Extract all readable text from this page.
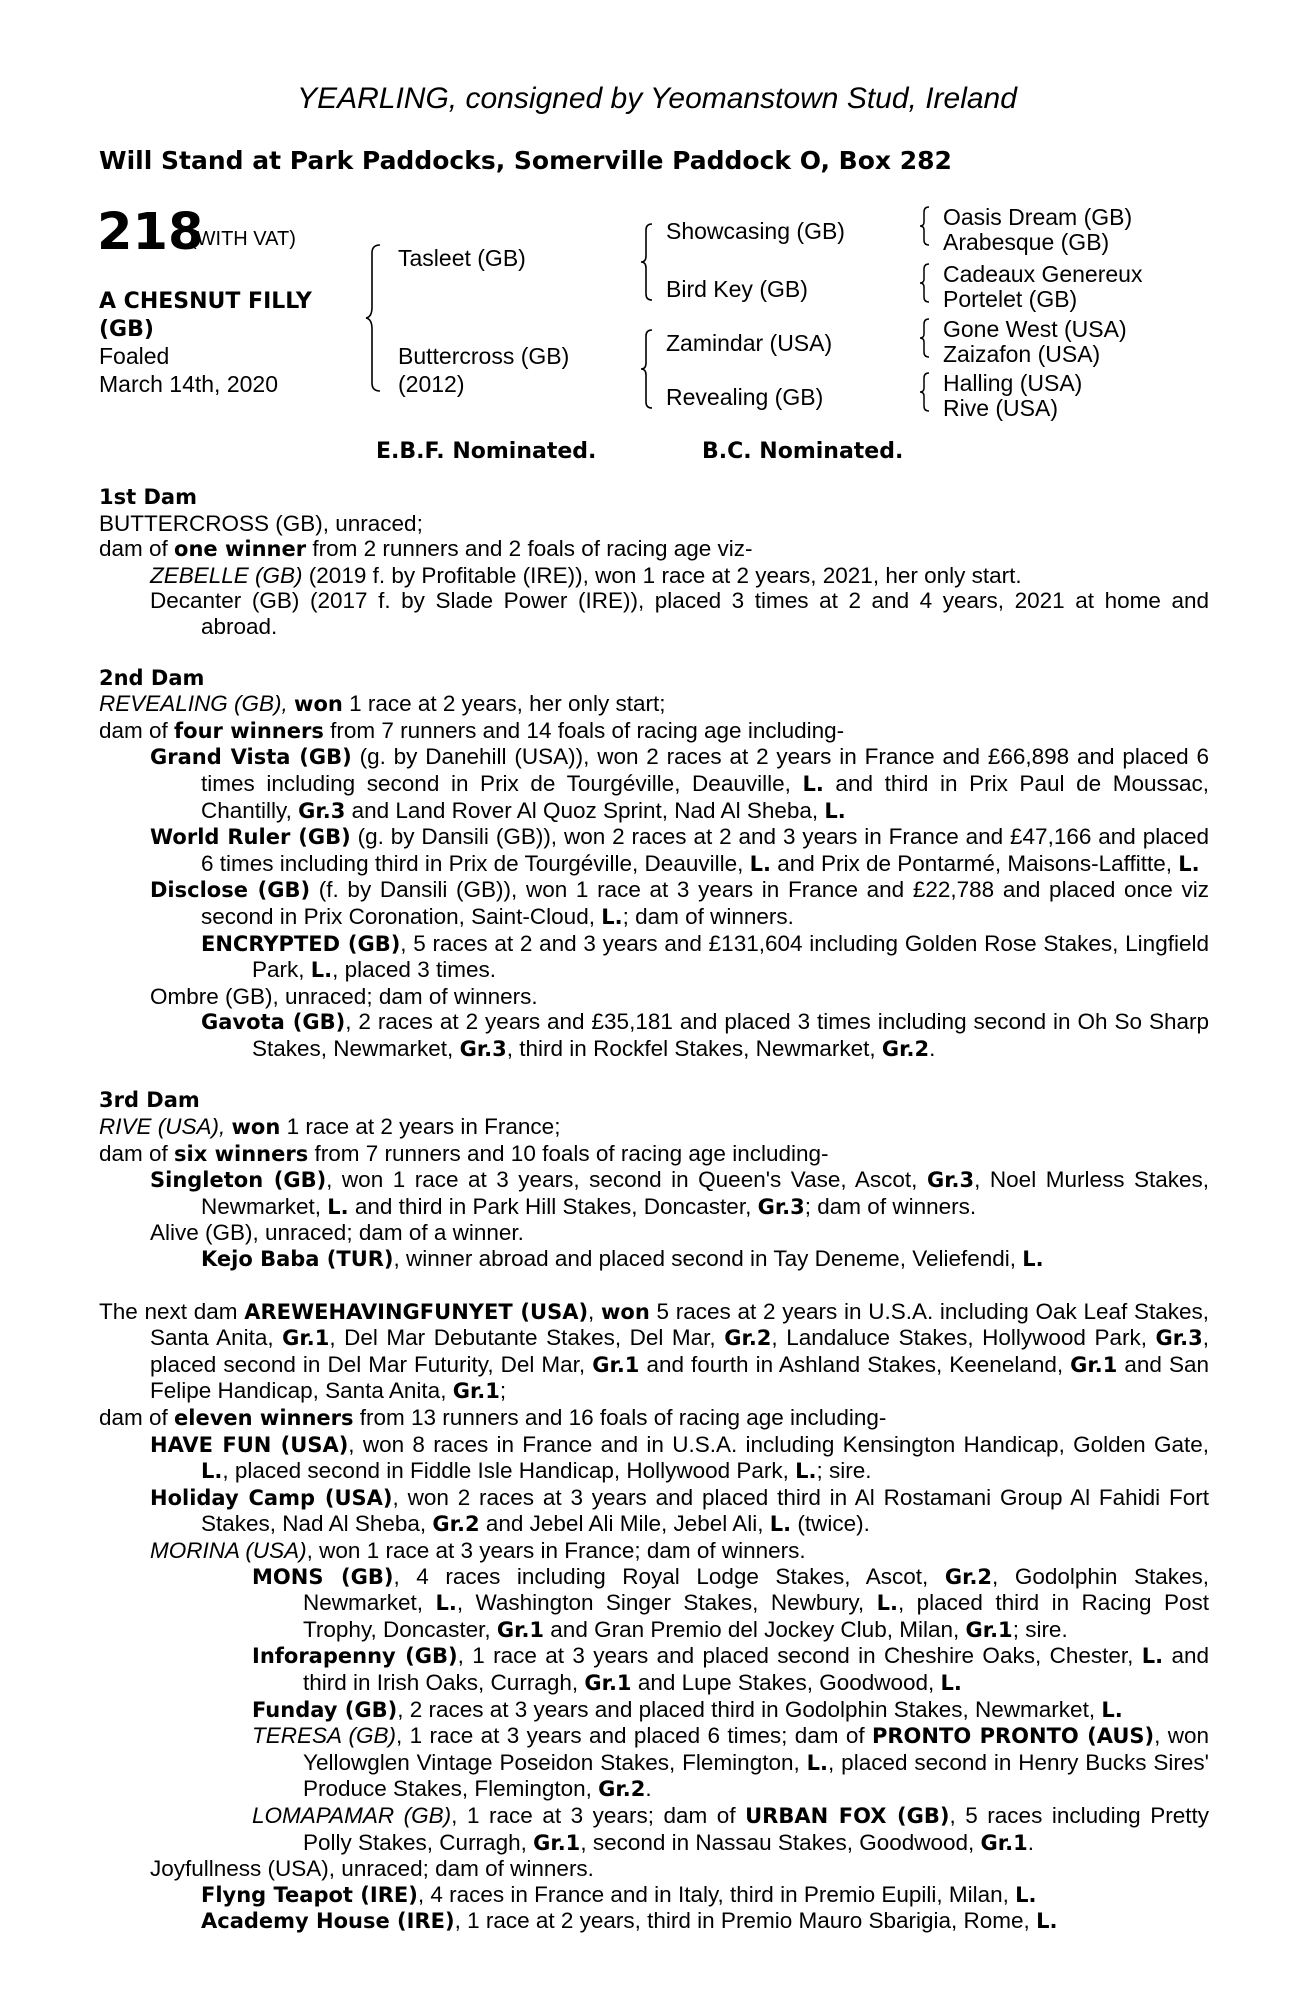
YEARLING, consigned by Yeomanstown Stud, Ireland
Will Stand at Park Paddocks, Somerville Paddock O, Box 282
218
(WITH VAT)
A CHESNUT FILLY
(GB)
Foaled
March 14th, 2020
Tasleet (GB)
Buttercross (GB)
(2012)
Showcasing (GB)
Bird Key (GB)
Zamindar (USA)
Revealing (GB)
Oasis Dream (GB)
Arabesque (GB)
Cadeaux Genereux
Portelet (GB)
Gone West (USA)
Zaizafon (USA)
Halling (USA)
Rive (USA)
E.B.F. Nominated.	B.C. Nominated.
1st Dam
BUTTERCROSS (GB), unraced;
dam of one winner from 2 runners and 2 foals of racing age viz-
ZEBELLE (GB) (2019 f. by Profitable (IRE)), won 1 race at 2 years, 2021, her only start.
Decanter (GB) (2017 f. by Slade Power (IRE)), placed 3 times at 2 and 4 years, 2021 at home and abroad.
2nd Dam
REVEALING (GB), won 1 race at 2 years, her only start;
dam of four winners from 7 runners and 14 foals of racing age including-
Grand Vista (GB) (g. by Danehill (USA)), won 2 races at 2 years in France and £66,898 and placed 6 times including second in Prix de Tourgéville, Deauville, L. and third in Prix Paul de Moussac, Chantilly, Gr.3 and Land Rover Al Quoz Sprint, Nad Al Sheba, L.
World Ruler (GB) (g. by Dansili (GB)), won 2 races at 2 and 3 years in France and £47,166 and placed 6 times including third in Prix de Tourgéville, Deauville, L. and Prix de Pontarmé, Maisons-Laffitte, L.
Disclose (GB) (f. by Dansili (GB)), won 1 race at 3 years in France and £22,788 and placed once viz second in Prix Coronation, Saint-Cloud, L.; dam of winners.
ENCRYPTED (GB), 5 races at 2 and 3 years and £131,604 including Golden Rose Stakes, Lingfield Park, L., placed 3 times.
Ombre (GB), unraced; dam of winners.
Gavota (GB), 2 races at 2 years and £35,181 and placed 3 times including second in Oh So Sharp Stakes, Newmarket, Gr.3, third in Rockfel Stakes, Newmarket, Gr.2.
3rd Dam
RIVE (USA), won 1 race at 2 years in France;
dam of six winners from 7 runners and 10 foals of racing age including-
Singleton (GB), won 1 race at 3 years, second in Queen's Vase, Ascot, Gr.3, Noel Murless Stakes, Newmarket, L. and third in Park Hill Stakes, Doncaster, Gr.3; dam of winners.
Alive (GB), unraced; dam of a winner.
Kejo Baba (TUR), winner abroad and placed second in Tay Deneme, Veliefendi, L.
The next dam AREWEHAVINGFUNYET (USA), won 5 races at 2 years in U.S.A. including Oak Leaf Stakes, Santa Anita, Gr.1, Del Mar Debutante Stakes, Del Mar, Gr.2, Landaluce Stakes, Hollywood Park, Gr.3, placed second in Del Mar Futurity, Del Mar, Gr.1 and fourth in Ashland Stakes, Keeneland, Gr.1 and San Felipe Handicap, Santa Anita, Gr.1;
dam of eleven winners from 13 runners and 16 foals of racing age including-
HAVE FUN (USA), won 8 races in France and in U.S.A. including Kensington Handicap, Golden Gate, L., placed second in Fiddle Isle Handicap, Hollywood Park, L.; sire.
Holiday Camp (USA), won 2 races at 3 years and placed third in Al Rostamani Group Al Fahidi Fort Stakes, Nad Al Sheba, Gr.2 and Jebel Ali Mile, Jebel Ali, L. (twice).
MORINA (USA), won 1 race at 3 years in France; dam of winners.
MONS (GB), 4 races including Royal Lodge Stakes, Ascot, Gr.2, Godolphin Stakes, Newmarket, L., Washington Singer Stakes, Newbury, L., placed third in Racing Post Trophy, Doncaster, Gr.1 and Gran Premio del Jockey Club, Milan, Gr.1; sire.
Inforapenny (GB), 1 race at 3 years and placed second in Cheshire Oaks, Chester, L. and third in Irish Oaks, Curragh, Gr.1 and Lupe Stakes, Goodwood, L.
Funday (GB), 2 races at 3 years and placed third in Godolphin Stakes, Newmarket, L.
TERESA (GB), 1 race at 3 years and placed 6 times; dam of PRONTO PRONTO (AUS), won Yellowglen Vintage Poseidon Stakes, Flemington, L., placed second in Henry Bucks Sires' Produce Stakes, Flemington, Gr.2.
LOMAPAMAR (GB), 1 race at 3 years; dam of URBAN FOX (GB), 5 races including Pretty Polly Stakes, Curragh, Gr.1, second in Nassau Stakes, Goodwood, Gr.1.
Joyfullness (USA), unraced; dam of winners.
Flyng Teapot (IRE), 4 races in France and in Italy, third in Premio Eupili, Milan, L.
Academy House (IRE), 1 race at 2 years, third in Premio Mauro Sbarigia, Rome, L.
